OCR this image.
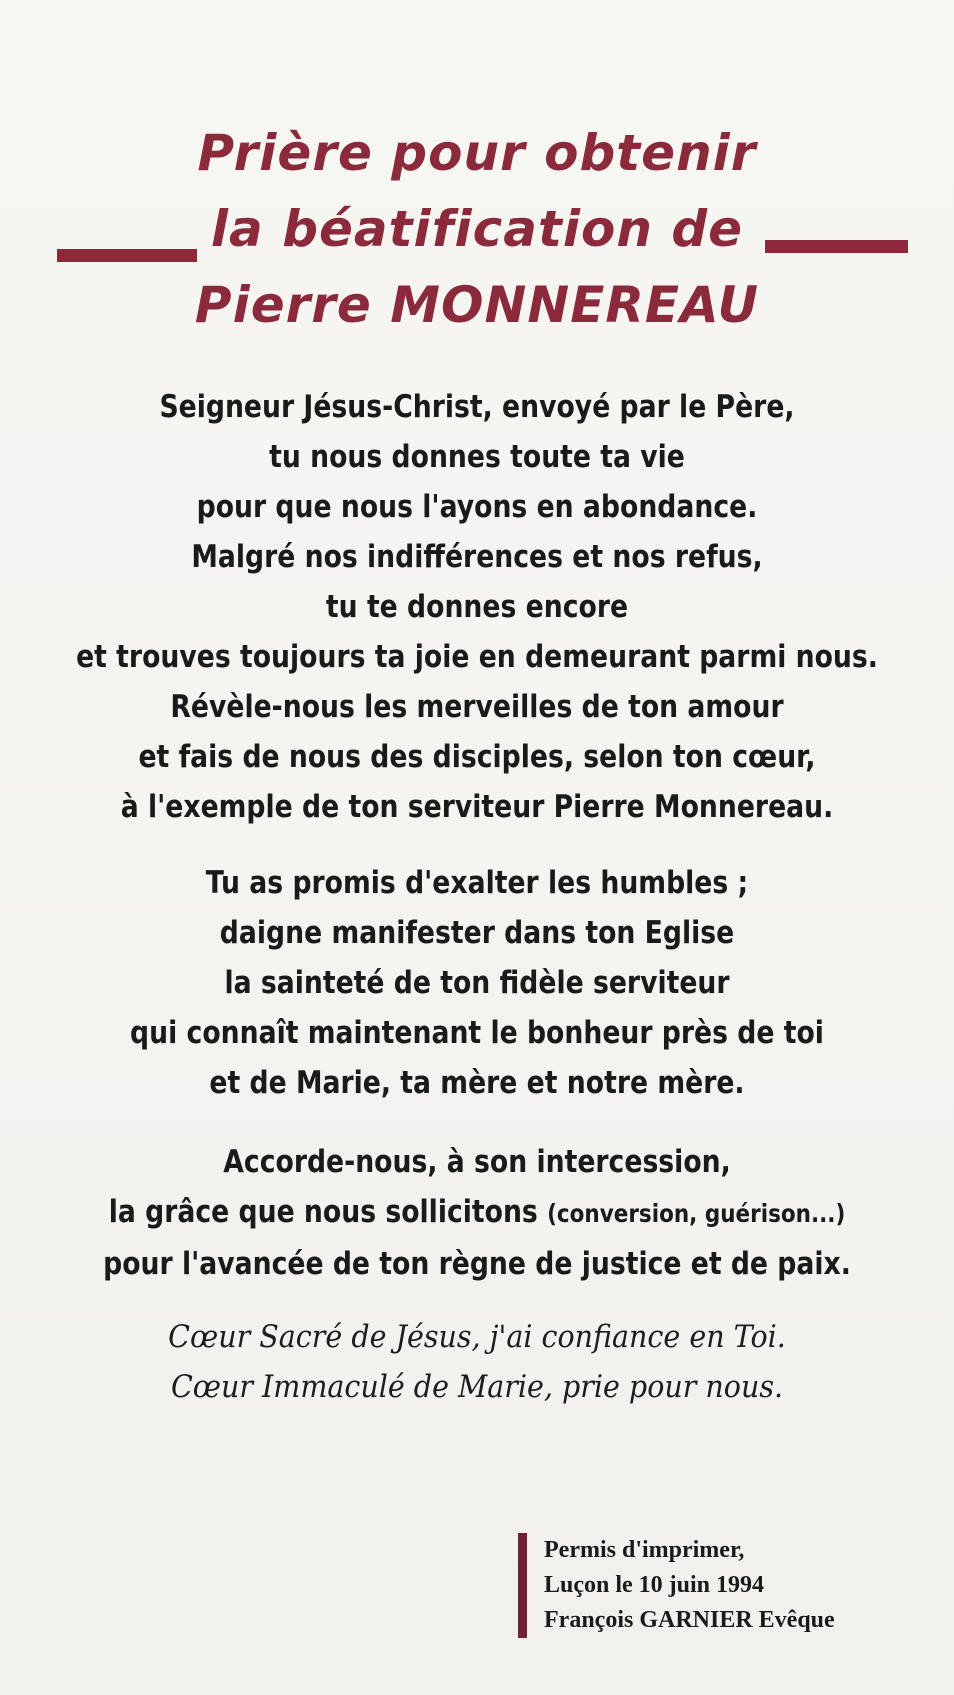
Prière pour obtenir
la béatification de
Pierre MONNEREAU
Seigneur Jésus-Christ, envoyé par le Père,
tu nous donnes toute ta vie
pour que nous l'ayons en abondance.
Malgré nos indifférences et nos refus,
tu te donnes encore
et trouves toujours ta joie en demeurant parmi nous.
Révèle-nous les merveilles de ton amour
et fais de nous des disciples, selon ton cœur,
à l'exemple de ton serviteur Pierre Monnereau.
Tu as promis d'exalter les humbles ;
daigne manifester dans ton Eglise
la sainteté de ton fidèle serviteur
qui connaît maintenant le bonheur près de toi
et de Marie, ta mère et notre mère.
Accorde-nous, à son intercession,
la grâce que nous sollicitons (conversion, guérison...)
pour l'avancée de ton règne de justice et de paix.
Cœur Sacré de Jésus, j'ai confiance en Toi.
Cœur Immaculé de Marie, prie pour nous.
Permis d'imprimer,
Luçon le 10 juin 1994
François GARNIER Evêque
